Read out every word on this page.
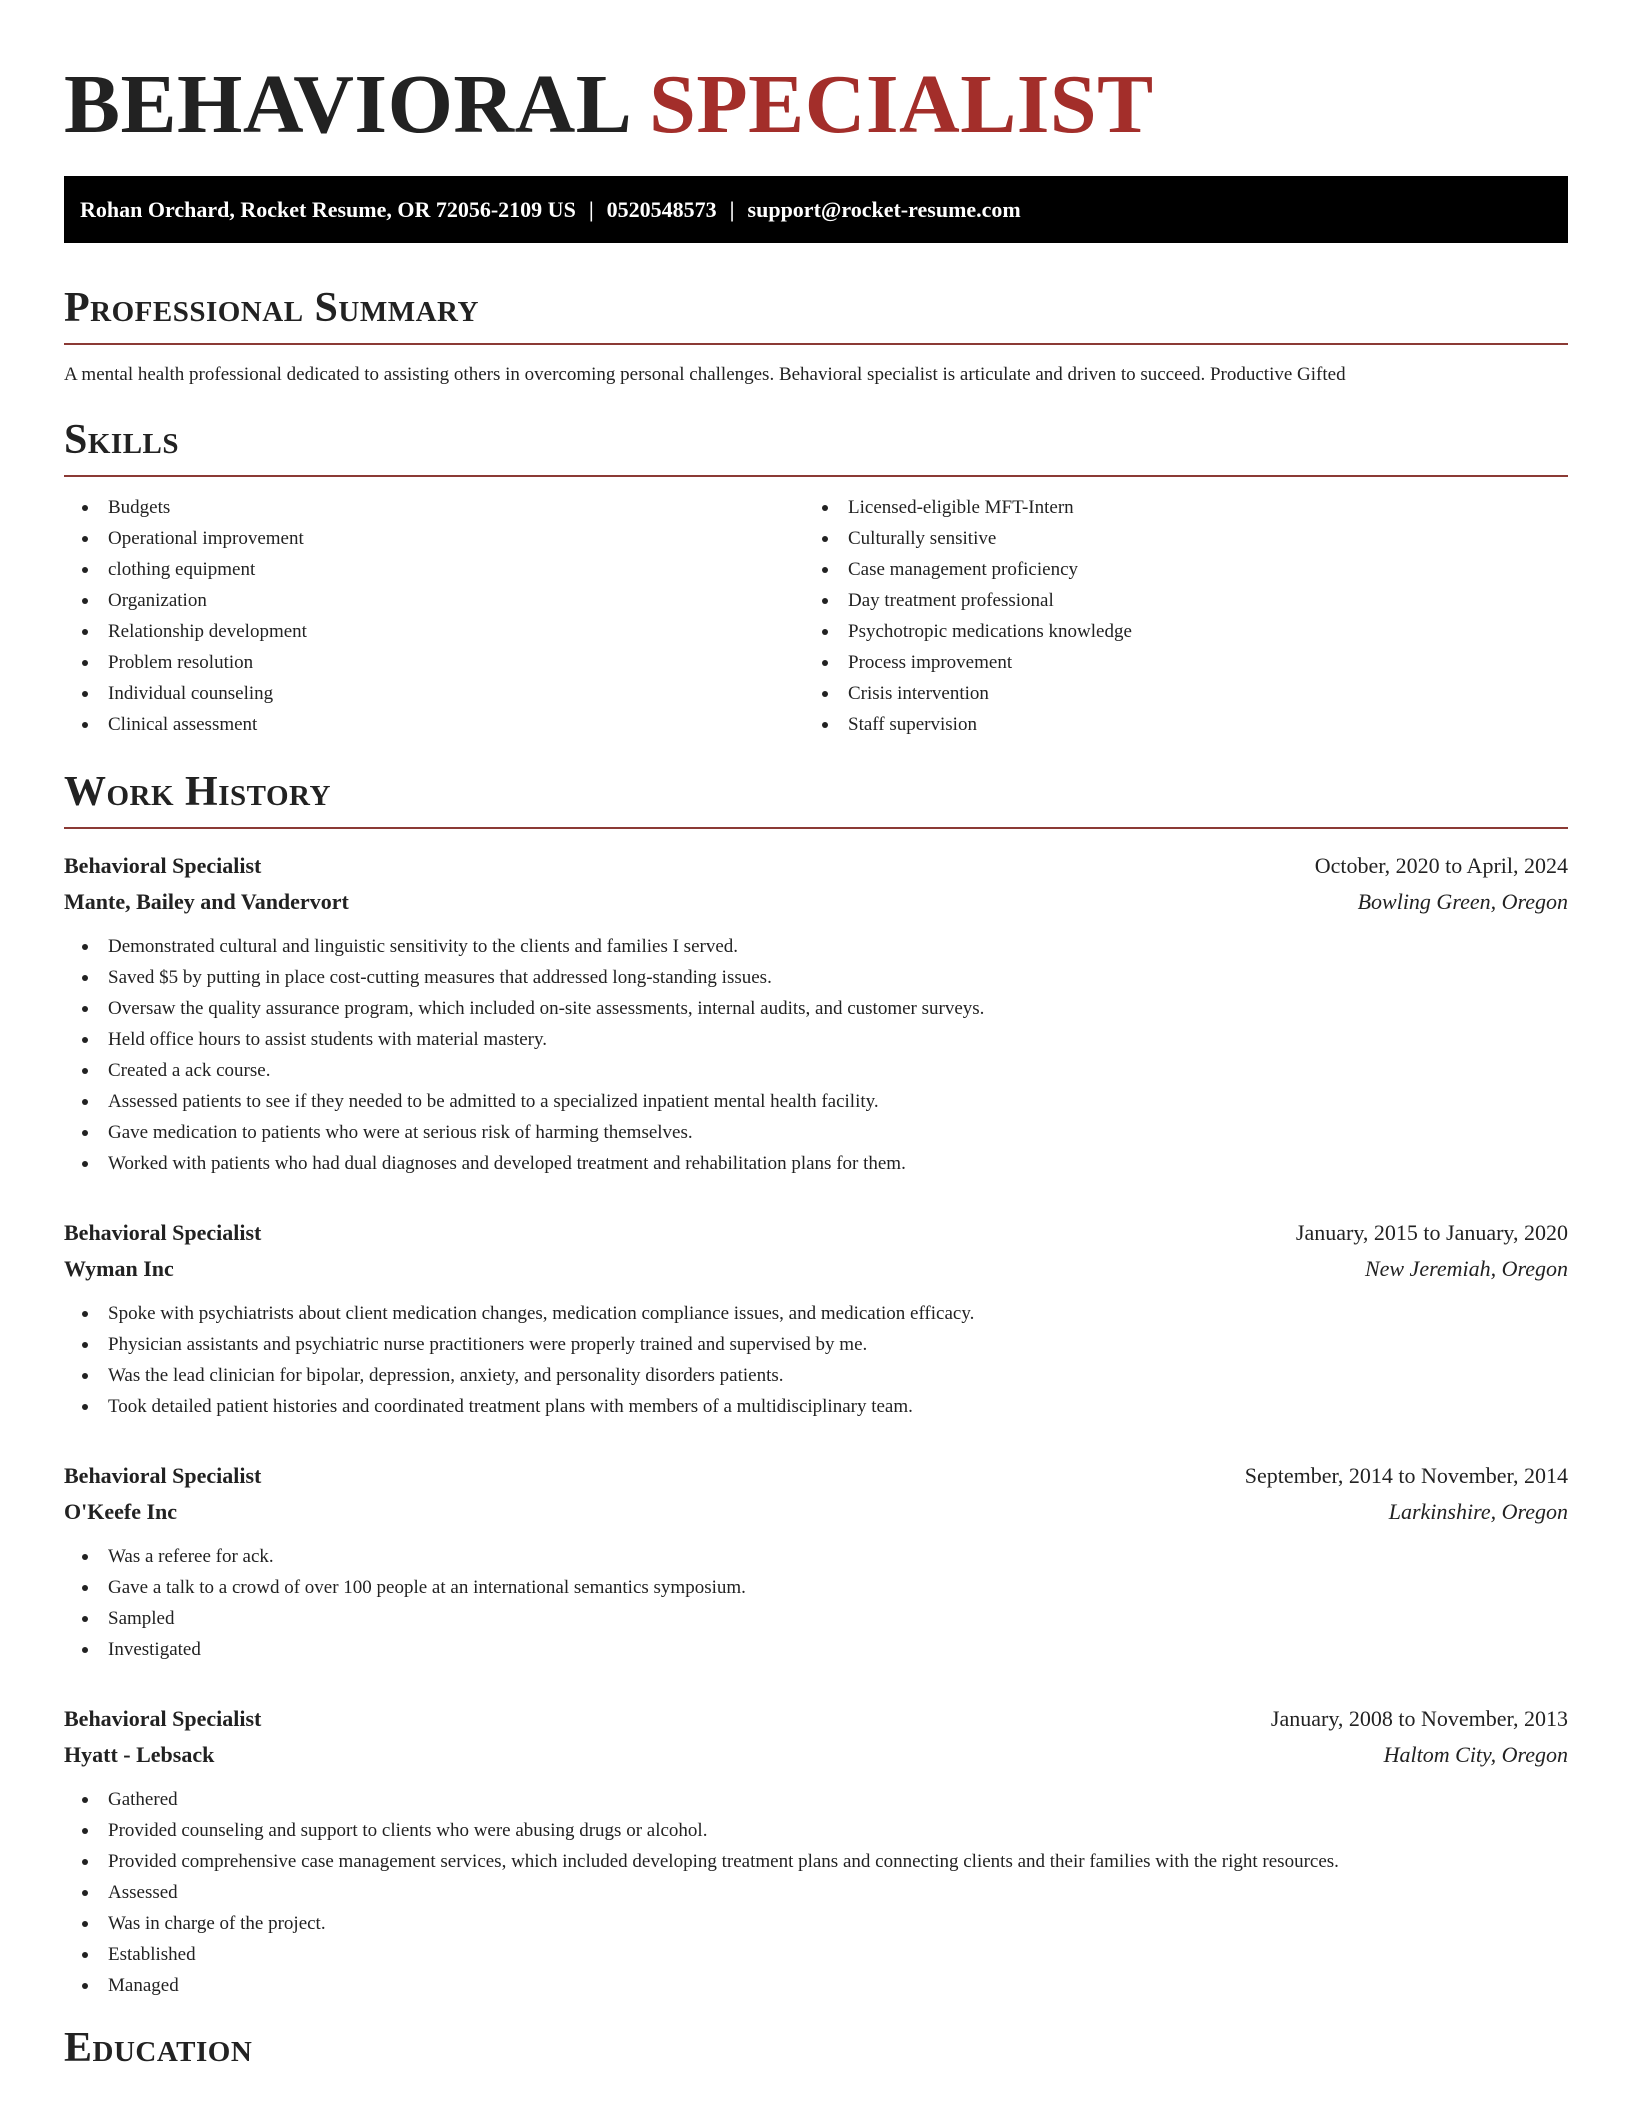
BEHAVIORAL SPECIALIST
Rohan Orchard, Rocket Resume, OR 72056-2109 US | 0520548573 | support@rocket-resume.com
Professional Summary

A mental health professional dedicated to assisting others in overcoming personal challenges. Behavioral specialist is articulate and driven to succeed. Productive Gifted

Skills
Budgets
Operational improvement
clothing equipment
Organization
Relationship development
Problem resolution
Individual counseling
Clinical assessment
Licensed-eligible MFT-Intern
Culturally sensitive
Case management proficiency
Day treatment professional
Psychotropic medications knowledge
Process improvement
Crisis intervention
Staff supervision
Work History
Behavioral Specialist	October, 2020 to April, 2024
Mante, Bailey and Vandervort	Bowling Green, Oregon
Demonstrated cultural and linguistic sensitivity to the clients and families I served.
Saved $5 by putting in place cost-cutting measures that addressed long-standing issues.
Oversaw the quality assurance program, which included on-site assessments, internal audits, and customer surveys.
Held office hours to assist students with material mastery.
Created a ack course.
Assessed patients to see if they needed to be admitted to a specialized inpatient mental health facility.
Gave medication to patients who were at serious risk of harming themselves.
Worked with patients who had dual diagnoses and developed treatment and rehabilitation plans for them.
Behavioral Specialist	January, 2015 to January, 2020
Wyman Inc	New Jeremiah, Oregon
Spoke with psychiatrists about client medication changes, medication compliance issues, and medication efficacy.
Physician assistants and psychiatric nurse practitioners were properly trained and supervised by me.
Was the lead clinician for bipolar, depression, anxiety, and personality disorders patients.
Took detailed patient histories and coordinated treatment plans with members of a multidisciplinary team.
Behavioral Specialist	September, 2014 to November, 2014
O'Keefe Inc	Larkinshire, Oregon
Was a referee for ack.
Gave a talk to a crowd of over 100 people at an international semantics symposium.
Sampled
Investigated
Behavioral Specialist	January, 2008 to November, 2013
Hyatt - Lebsack	Haltom City, Oregon
Gathered
Provided counseling and support to clients who were abusing drugs or alcohol.
Provided comprehensive case management services, which included developing treatment plans and connecting clients and their families with the right resources.
Assessed
Was in charge of the project.
Established
Managed
Education
